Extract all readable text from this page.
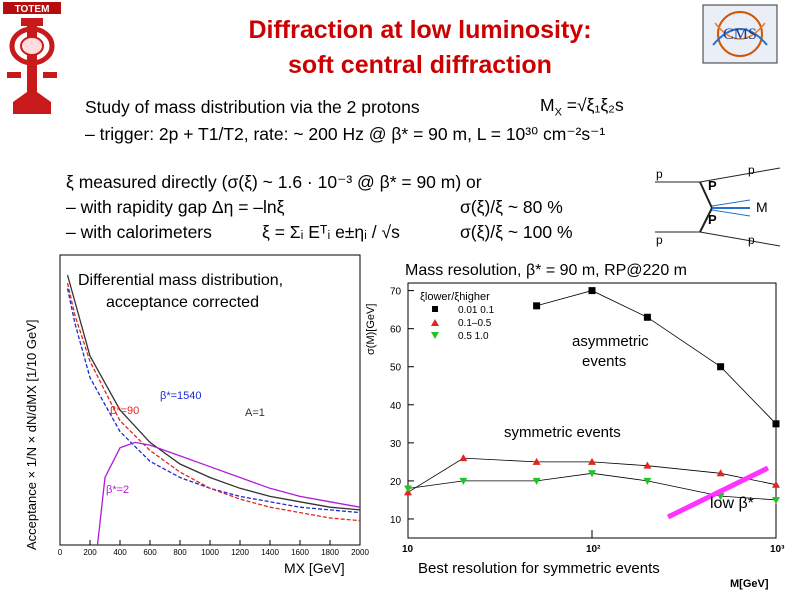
TOTEM
CMS
Diffraction at low luminosity:
soft central diffraction
Study of mass distribution via the 2 protons	$M_X =√\xi_1\xi_2s$
– trigger: 2p + T1/T2, rate: ~ 200 Hz @ β* = 90 m, L = 10³⁰ cm⁻²s⁻¹
ξ measured directly (σ(ξ) ~ 1.6 · 10⁻³ @ β* = 90 m) or
– with rapidity gap Δη = –lnξ	σ(ξ)/ξ ~ 80 %
– with calorimeters	ξ = Σᵢ Eᵀᵢ e±ηᵢ / √s	σ(ξ)/ξ ~ 100 %
p	p
P
M
P
p	p
Acceptance × 1/N × dN/dMX [1/10 GeV]
0	200 400 600 800 1000 1200 1400 1600 1800 2000
Differential mass distribution,
acceptance corrected
β*=1540
β*=90	A=1
β*=2
MX [GeV]
Mass resolution, β* = 90 m, RP@220 m
σ(M)[GeV]
10
20
30
40
50
60
70
10	10²	10³
ξlower/ξhigher
0.01 0.1
0.1–0.5
0.5 1.0	asymmetric
events
symmetric events
low β*
M[GeV]
Best resolution for symmetric events
